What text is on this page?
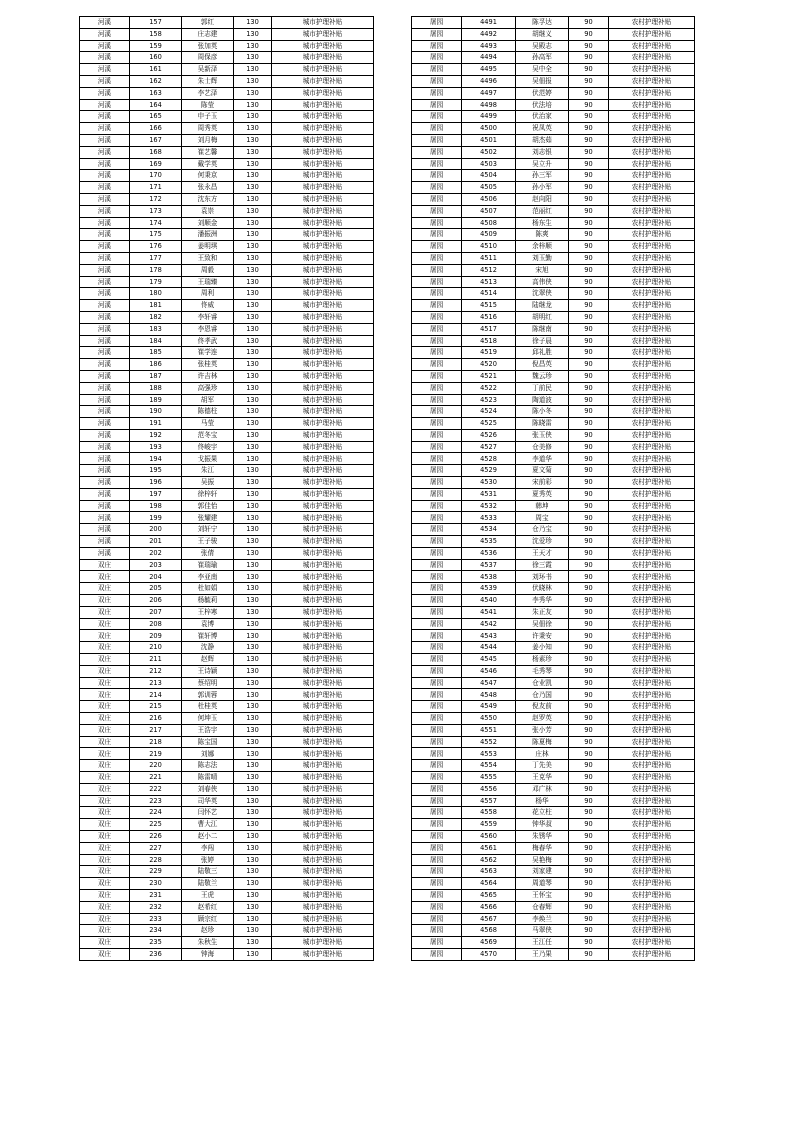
河溪	157	郭红	130	城市护理补贴
河溪	158	庄志建	130	城市护理补贴
河溪	159	张加英	130	城市护理补贴
河溪	160	周保彦	130	城市护理补贴
河溪	161	吴新泽	130	城市护理补贴
河溪	162	朱士辉	130	城市护理补贴
河溪	163	李艺泽	130	城市护理补贴
河溪	164	陈莹	130	城市护理补贴
河溪	165	申子玉	130	城市护理补贴
河溪	166	周秀英	130	城市护理补贴
河溪	167	刘月梅	130	城市护理补贴
河溪	168	崔艺馨	130	城市护理补贴
河溪	169	戴学英	130	城市护理补贴
河溪	170	何秉京	130	城市护理补贴
河溪	171	张永昌	130	城市护理补贴
河溪	172	沈东方	130	城市护理补贴
河溪	173	袁崇	130	城市护理补贴
河溪	174	刘顺金	130	城市护理补贴
河溪	175	潘振洲	130	城市护理补贴
河溪	176	姜明琪	130	城市护理补贴
河溪	177	王致和	130	城市护理补贴
河溪	178	周毅	130	城市护理补贴
河溪	179	王瑞臻	130	城市护理补贴
河溪	180	周利	130	城市护理补贴
河溪	181	佟威	130	城市护理补贴
河溪	182	李轩睿	130	城市护理补贴
河溪	183	李恩睿	130	城市护理补贴
河溪	184	佟孝武	130	城市护理补贴
河溪	185	崔学连	130	城市护理补贴
河溪	186	张桂英	130	城市护理补贴
河溪	187	许吉林	130	城市护理补贴
河溪	188	高强珍	130	城市护理补贴
河溪	189	胡军	130	城市护理补贴
河溪	190	陈德柱	130	城市护理补贴
河溪	191	马莹	130	城市护理补贴
河溪	192	范冬宝	130	城市护理补贴
河溪	193	佟峻宇	130	城市护理补贴
河溪	194	戈振果	130	城市护理补贴
河溪	195	朱江	130	城市护理补贴
河溪	196	吴振	130	城市护理补贴
河溪	197	徐梓轩	130	城市护理补贴
河溪	198	郭佳怡	130	城市护理补贴
河溪	199	张耀建	130	城市护理补贴
河溪	200	刘轩宁	130	城市护理补贴
河溪	201	王子骏	130	城市护理补贴
河溪	202	张倩	130	城市护理补贴
双庄	203	崔瑞瑜	130	城市护理补贴
双庄	204	李亚南	130	城市护理补贴
双庄	205	杜如娟	130	城市护理补贴
双庄	206	杨毓莉	130	城市护理补贴
双庄	207	王梓寒	130	城市护理补贴
双庄	208	袁博	130	城市护理补贴
双庄	209	崔轩博	130	城市护理补贴
双庄	210	沈静	130	城市护理补贴
双庄	211	赵辉	130	城市护理补贴
双庄	212	王诗颖	130	城市护理补贴
双庄	213	蔡绍明	130	城市护理补贴
双庄	214	郭训蓉	130	城市护理补贴
双庄	215	杜桂英	130	城市护理补贴
双庄	216	何坤玉	130	城市护理补贴
双庄	217	王浩宇	130	城市护理补贴
双庄	218	陈宝国	130	城市护理补贴
双庄	219	刘娜	130	城市护理补贴
双庄	220	陈志法	130	城市护理补贴
双庄	221	陈雷晴	130	城市护理补贴
双庄	222	刘春侠	130	城市护理补贴
双庄	223	司华英	130	城市护理补贴
双庄	224	闫怀艺	130	城市护理补贴
双庄	225	曹大江	130	城市护理补贴
双庄	226	赵小二	130	城市护理补贴
双庄	227	李闯	130	城市护理补贴
双庄	228	张婷	130	城市护理补贴
双庄	229	陆敬三	130	城市护理补贴
双庄	230	陆敬兰	130	城市护理补贴
双庄	231	王虎	130	城市护理补贴
双庄	232	赵希红	130	城市护理补贴
双庄	233	顾宗红	130	城市护理补贴
双庄	234	赵珍	130	城市护理补贴
双庄	235	朱秋生	130	城市护理补贴
双庄	236	钟海	130	城市护理补贴
屠园	4491	陈孚达	90	农村护理补贴
屠园	4492	胡继义	90	农村护理补贴
屠园	4493	吴殿志	90	农村护理补贴
屠园	4494	孙高军	90	农村护理补贴
屠园	4495	吴中全	90	农村护理补贴
屠园	4496	吴佃报	90	农村护理补贴
屠园	4497	伏范婷	90	农村护理补贴
屠园	4498	伏法培	90	农村护理补贴
屠园	4499	伏治家	90	农村护理补贴
屠园	4500	祝凤英	90	农村护理补贴
屠园	4501	胡杰茹	90	农村护理补贴
屠园	4502	刘志银	90	农村护理补贴
屠园	4503	吴立升	90	农村护理补贴
屠园	4504	孙三军	90	农村护理补贴
屠园	4505	孙小军	90	农村护理补贴
屠园	4506	赵向阳	90	农村护理补贴
屠园	4507	范丽红	90	农村护理补贴
屠园	4508	杨东生	90	农村护理补贴
屠园	4509	陈爽	90	农村护理补贴
屠园	4510	余梓顺	90	农村护理补贴
屠园	4511	刘玉勤	90	农村护理补贴
屠园	4512	宋旭	90	农村护理补贴
屠园	4513	高伟侠	90	农村护理补贴
屠园	4514	沈翠侠	90	农村护理补贴
屠园	4515	陆继龙	90	农村护理补贴
屠园	4516	胡明红	90	农村护理补贴
屠园	4517	陈继南	90	农村护理补贴
屠园	4518	徐子晨	90	农村护理补贴
屠园	4519	邱礼胜	90	农村护理补贴
屠园	4520	倪昌英	90	农村护理补贴
屠园	4521	魏云珍	90	农村护理补贴
屠园	4522	丁前民	90	农村护理补贴
屠园	4523	陶道波	90	农村护理补贴
屠园	4524	陈小冬	90	农村护理补贴
屠园	4525	陈晓雷	90	农村护理补贴
屠园	4526	张玉侠	90	农村护理补贴
屠园	4527	仓美修	90	农村护理补贴
屠园	4528	李道华	90	农村护理补贴
屠园	4529	夏文菊	90	农村护理补贴
屠园	4530	宋前彩	90	农村护理补贴
屠园	4531	夏秀英	90	农村护理补贴
屠园	4532	韩坤	90	农村护理补贴
屠园	4533	周宝	90	农村护理补贴
屠园	4534	仓乃宝	90	农村护理补贴
屠园	4535	沈爱珍	90	农村护理补贴
屠园	4536	王天才	90	农村护理补贴
屠园	4537	徐三霞	90	农村护理补贴
屠园	4538	刘环书	90	农村护理补贴
屠园	4539	伏晓林	90	农村护理补贴
屠园	4540	李秀华	90	农村护理补贴
屠园	4541	朱正友	90	农村护理补贴
屠园	4542	吴佃徐	90	农村护理补贴
屠园	4543	许秉安	90	农村护理补贴
屠园	4544	姜小知	90	农村护理补贴
屠园	4545	杨素珍	90	农村护理补贴
屠园	4546	毛秀琴	90	农村护理补贴
屠园	4547	仓业凯	90	农村护理补贴
屠园	4548	仓乃国	90	农村护理补贴
屠园	4549	倪友前	90	农村护理补贴
屠园	4550	赵罗英	90	农村护理补贴
屠园	4551	张小芳	90	农村护理补贴
屠园	4552	陈夏梅	90	农村护理补贴
屠园	4553	庄林	90	农村护理补贴
屠园	4554	丁先美	90	农村护理补贴
屠园	4555	王克华	90	农村护理补贴
屠园	4556	邓广林	90	农村护理补贴
屠园	4557	杨华	90	农村护理补贴
屠园	4558	花立柱	90	农村护理补贴
屠园	4559	钟华叔	90	农村护理补贴
屠园	4560	朱锈华	90	农村护理补贴
屠园	4561	梅春华	90	农村护理补贴
屠园	4562	吴艳梅	90	农村护理补贴
屠园	4563	刘家建	90	农村护理补贴
屠园	4564	周道琴	90	农村护理补贴
屠园	4565	王怀宝	90	农村护理补贴
屠园	4566	仓春辉	90	农村护理补贴
屠园	4567	李焕兰	90	农村护理补贴
屠园	4568	马翠侠	90	农村护理补贴
屠园	4569	王江任	90	农村护理补贴
屠园	4570	王乃果	90	农村护理补贴
